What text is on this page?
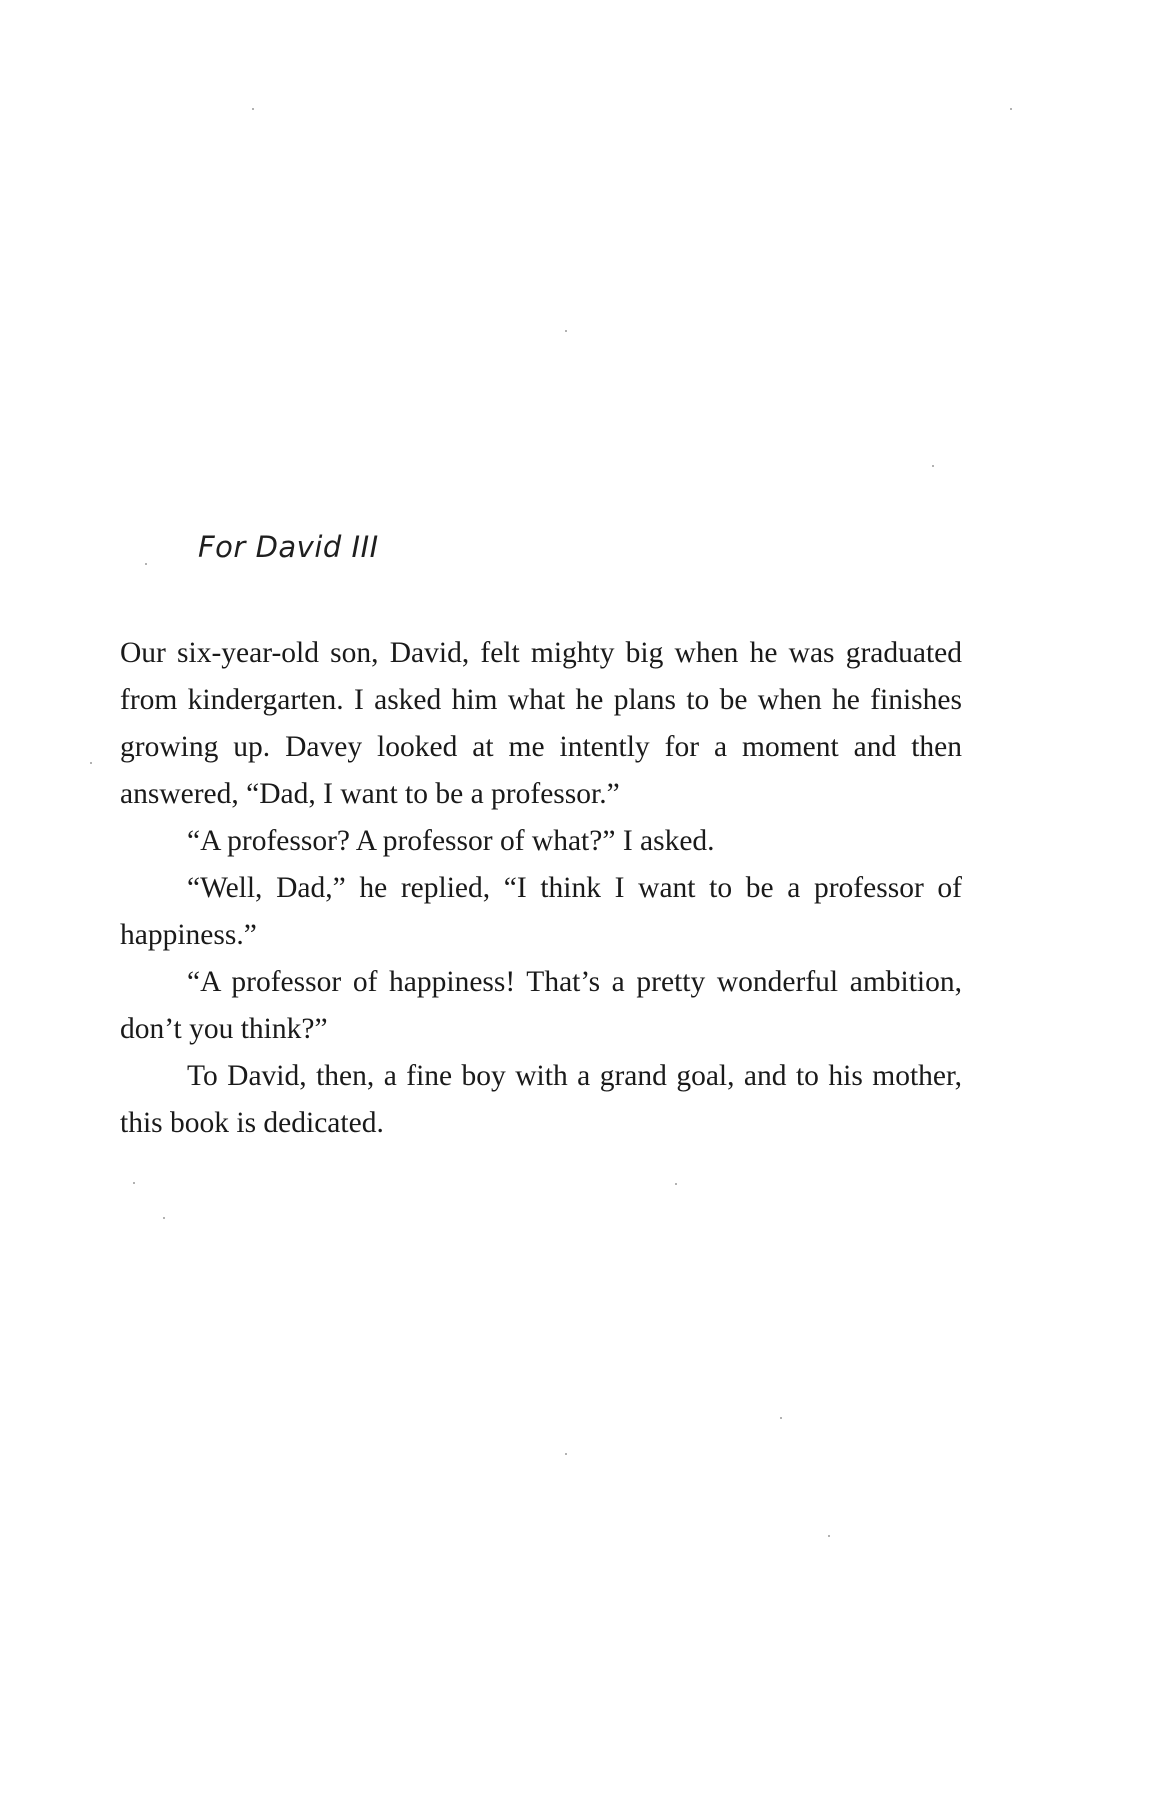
For David III

Our six-year-old son, David, felt mighty big when he was graduated from kindergarten. I asked him what he plans to be when he finishes growing up. Davey looked at me intently for a moment and then answered, “Dad, I want to be a professor.”

“A professor? A professor of what?” I asked.

“Well, Dad,” he replied, “I think I want to be a professor of happiness.”

“A professor of happiness! That’s a pretty wonderful ambition, don’t you think?”

To David, then, a fine boy with a grand goal, and to his mother, this book is dedicated.
